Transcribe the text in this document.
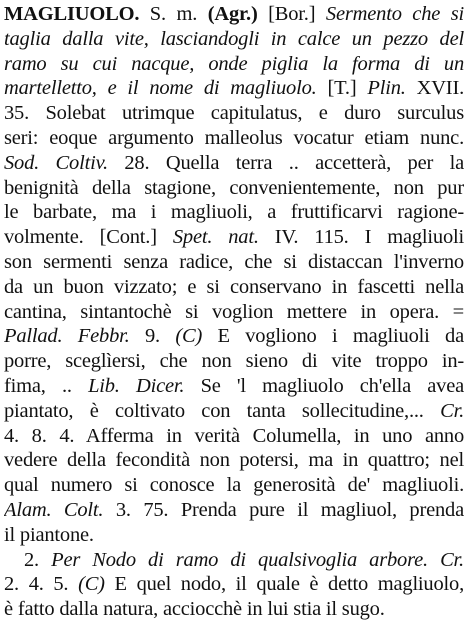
MAGLIUOLO. S. m. (Agr.) [Bor.] Sermento che si
taglia dalla vite, lasciandogli in calce un pezzo del
ramo su cui nacque, onde piglia la forma di un
martelletto, e il nome di magliuolo. [T.] Plin. XVII.
35. Solebat utrimque capitulatus, e duro surculus
seri: eoque argumento malleolus vocatur etiam nunc.
Sod. Coltiv. 28. Quella terra .. accetterà, per la
benignità della stagione, convenientemente, non pur
le barbate, ma i magliuoli, a fruttificarvi ragione-
volmente. [Cont.] Spet. nat. IV. 115. I magliuoli
son sermenti senza radice, che si distaccan l'inverno
da un buon vizzato; e si conservano in fascetti nella
cantina, sintantochè si voglion mettere in opera. =
Pallad. Febbr. 9. (C) E vogliono i magliuoli da
porre, sceglìersi, che non sieno di vite troppo in-
fima, .. Lib. Dicer. Se 'l magliuolo ch'ella avea
piantato, è coltivato con tanta sollecitudine,... Cr.
4. 8. 4. Afferma in verità Columella, in uno anno
vedere della fecondità non potersi, ma in quattro; nel
qual numero si conosce la generosità de' magliuoli.
Alam. Colt. 3. 75. Prenda pure il magliuol, prenda
il piantone.
2. Per Nodo di ramo di qualsivoglia arbore. Cr.
2. 4. 5. (C) E quel nodo, il quale è detto magliuolo,
è fatto dalla natura, acciocchè in lui stia il sugo.
